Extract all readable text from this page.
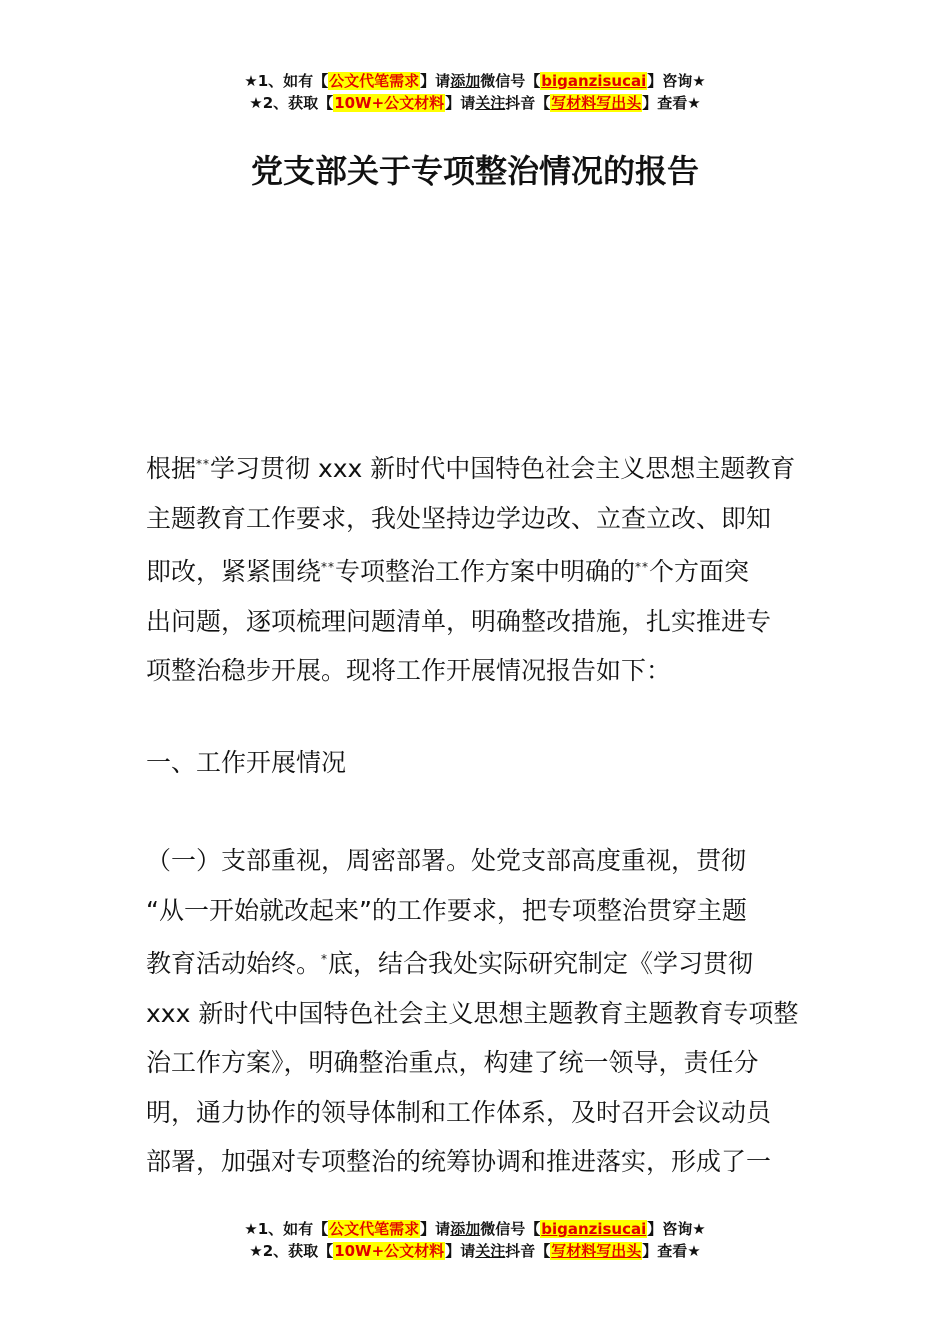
★1、如有【公文代笔需求】请添加微信号【biganzisucai】咨询★
★2、获取【10W+公文材料】请关注抖音【写材料写出头】查看★
党支部关于专项整治情况的报告
根据**学习贯彻 xxx 新时代中国特色社会主义思想主题教育
主题教育工作要求，我处坚持边学边改、立查立改、即知
即改，紧紧围绕**专项整治工作方案中明确的**个方面突
出问题，逐项梳理问题清单，明确整改措施，扎实推进专
项整治稳步开展。现将工作开展情况报告如下：
一、工作开展情况
（一）支部重视，周密部署。处党支部高度重视，贯彻
“从一开始就改起来”的工作要求，把专项整治贯穿主题
教育活动始终。*底，结合我处实际研究制定《学习贯彻
xxx 新时代中国特色社会主义思想主题教育主题教育专项整
治工作方案》，明确整治重点，构建了统一领导，责任分
明，通力协作的领导体制和工作体系，及时召开会议动员
部署，加强对专项整治的统筹协调和推进落实，形成了一
★1、如有【公文代笔需求】请添加微信号【biganzisucai】咨询★
★2、获取【10W+公文材料】请关注抖音【写材料写出头】查看★
